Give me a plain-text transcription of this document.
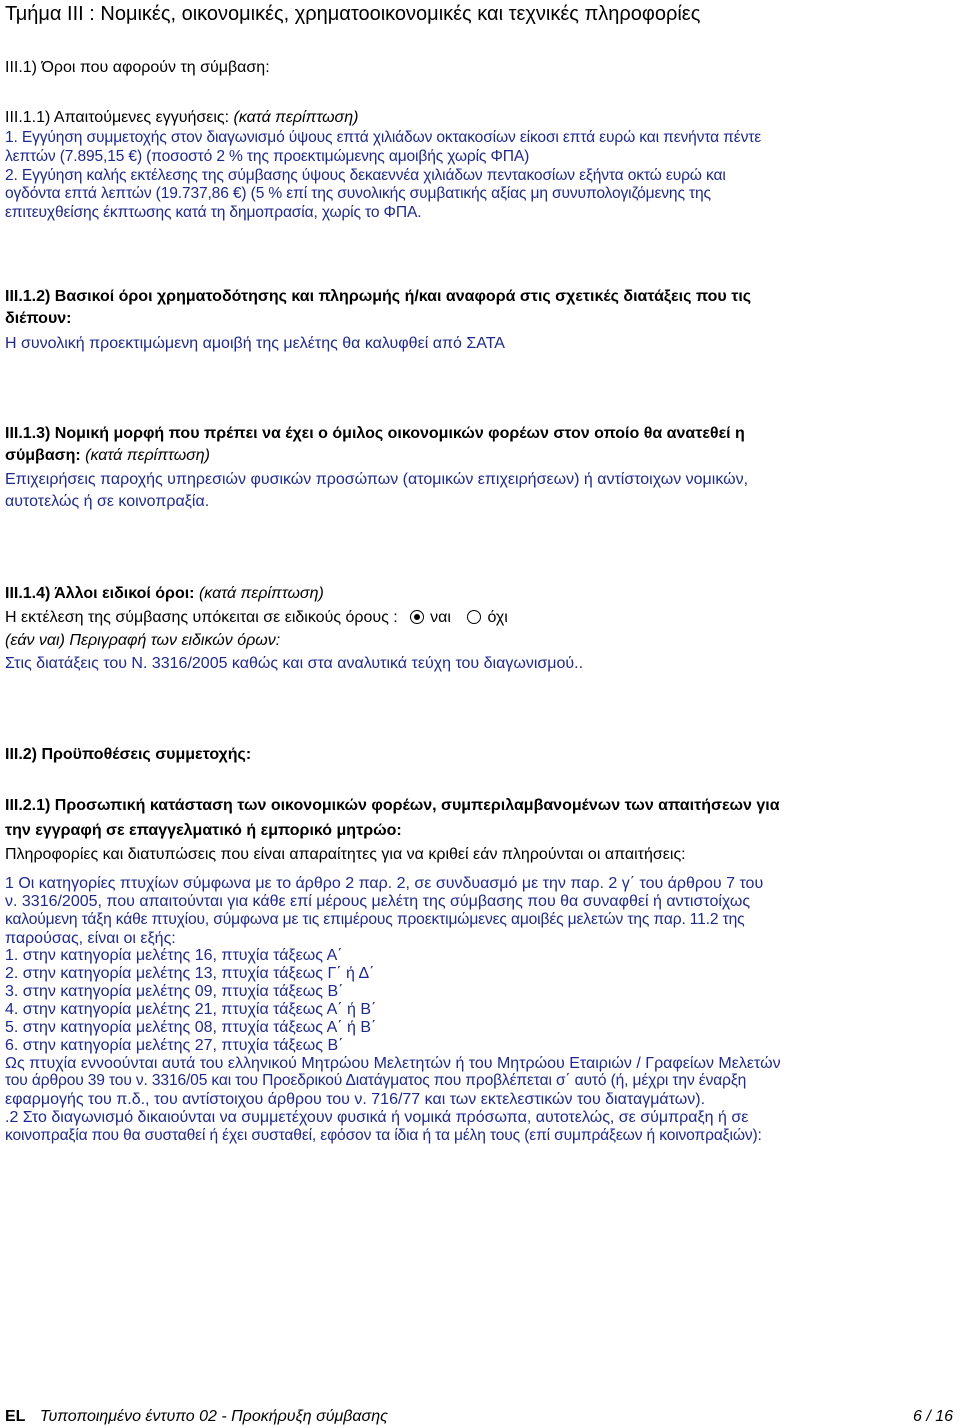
Τμήμα ΙΙΙ : Νομικές, οικονομικές, χρηματοοικονομικές και τεχνικές πληροφορίες
ΙΙΙ.1) Όροι που αφορούν τη σύμβαση:
ΙΙΙ.1.1) Απαιτούμενες εγγυήσεις: (κατά περίπτωση)
1. Εγγύηση συμμετοχής στον διαγωνισμό ύψους επτά χιλιάδων οκτακοσίων είκοσι επτά ευρώ και πενήντα πέντε
λεπτών (7.895,15 €) (ποσοστό 2 % της προεκτιμώμενης αμοιβής χωρίς ΦΠΑ)
2. Εγγύηση καλής εκτέλεσης της σύμβασης ύψους δεκαεννέα χιλιάδων πεντακοσίων εξήντα οκτώ ευρώ και
ογδόντα επτά λεπτών (19.737,86 €) (5 % επί της συνολικής συμβατικής αξίας μη συνυπολογιζόμενης της
επιτευχθείσης έκπτωσης κατά τη δημοπρασία, χωρίς το ΦΠΑ.
ΙΙΙ.1.2) Βασικοί όροι χρηματοδότησης και πληρωμής ή/και αναφορά στις σχετικές διατάξεις που τις
διέπουν:
Η συνολική προεκτιμώμενη αμοιβή της μελέτης θα καλυφθεί από ΣΑΤΑ
ΙΙΙ.1.3) Νομική μορφή που πρέπει να έχει ο όμιλος οικονομικών φορέων στον οποίο θα ανατεθεί η
σύμβαση: (κατά περίπτωση)
Επιχειρήσεις παροχής υπηρεσιών φυσικών προσώπων (ατομικών επιχειρήσεων) ή αντίστοιχων νομικών,
αυτοτελώς ή σε κοινοπραξία.
ΙΙΙ.1.4) Άλλοι ειδικοί όροι: (κατά περίπτωση)
Η εκτέλεση της σύμβασης υπόκειται σε ειδικούς όρους : ναι όχι
(εάν ναι) Περιγραφή των ειδικών όρων:
Στις διατάξεις του Ν. 3316/2005 καθώς και στα αναλυτικά τεύχη του διαγωνισμού..
ΙΙΙ.2) Προϋποθέσεις συμμετοχής:
ΙΙΙ.2.1) Προσωπική κατάσταση των οικονομικών φορέων, συμπεριλαμβανομένων των απαιτήσεων για
την εγγραφή σε επαγγελματικό ή εμπορικό μητρώο:
Πληροφορίες και διατυπώσεις που είναι απαραίτητες για να κριθεί εάν πληρούνται οι απαιτήσεις:
1 Οι κατηγορίες πτυχίων σύμφωνα με το άρθρο 2 παρ. 2, σε συνδυασμό με την παρ. 2 γ΄ του άρθρου 7 του
ν. 3316/2005, που απαιτούνται για κάθε επί μέρους μελέτη της σύμβασης που θα συναφθεί ή αντιστοίχως
καλούμενη τάξη κάθε πτυχίου, σύμφωνα με τις επιμέρους προεκτιμώμενες αμοιβές μελετών της παρ. 11.2 της
παρούσας, είναι οι εξής:
1. στην κατηγορία μελέτης 16, πτυχία τάξεως Α΄
2. στην κατηγορία μελέτης 13, πτυχία τάξεως Γ΄ ή Δ΄
3. στην κατηγορία μελέτης 09, πτυχία τάξεως Β΄
4. στην κατηγορία μελέτης 21, πτυχία τάξεως Α΄ ή Β΄
5. στην κατηγορία μελέτης 08, πτυχία τάξεως Α΄ ή Β΄
6. στην κατηγορία μελέτης 27, πτυχία τάξεως Β΄
Ως πτυχία εννοούνται αυτά του ελληνικού Μητρώου Μελετητών ή του Μητρώου Εταιριών / Γραφείων Μελετών
του άρθρου 39 του ν. 3316/05 και του Προεδρικού Διατάγματος που προβλέπεται σ΄ αυτό (ή, μέχρι την έναρξη
εφαρμογής του π.δ., του αντίστοιχου άρθρου του ν. 716/77 και των εκτελεστικών του διαταγμάτων).
.2 Στο διαγωνισμό δικαιούνται να συμμετέχουν φυσικά ή νομικά πρόσωπα, αυτοτελώς, σε σύμπραξη ή σε
κοινοπραξία που θα συσταθεί ή έχει συσταθεί, εφόσον τα ίδια ή τα μέλη τους (επί συμπράξεων ή κοινοπραξιών):
EL Τυποποιημένο έντυπο 02 - Προκήρυξη σύμβασης	6 / 16
